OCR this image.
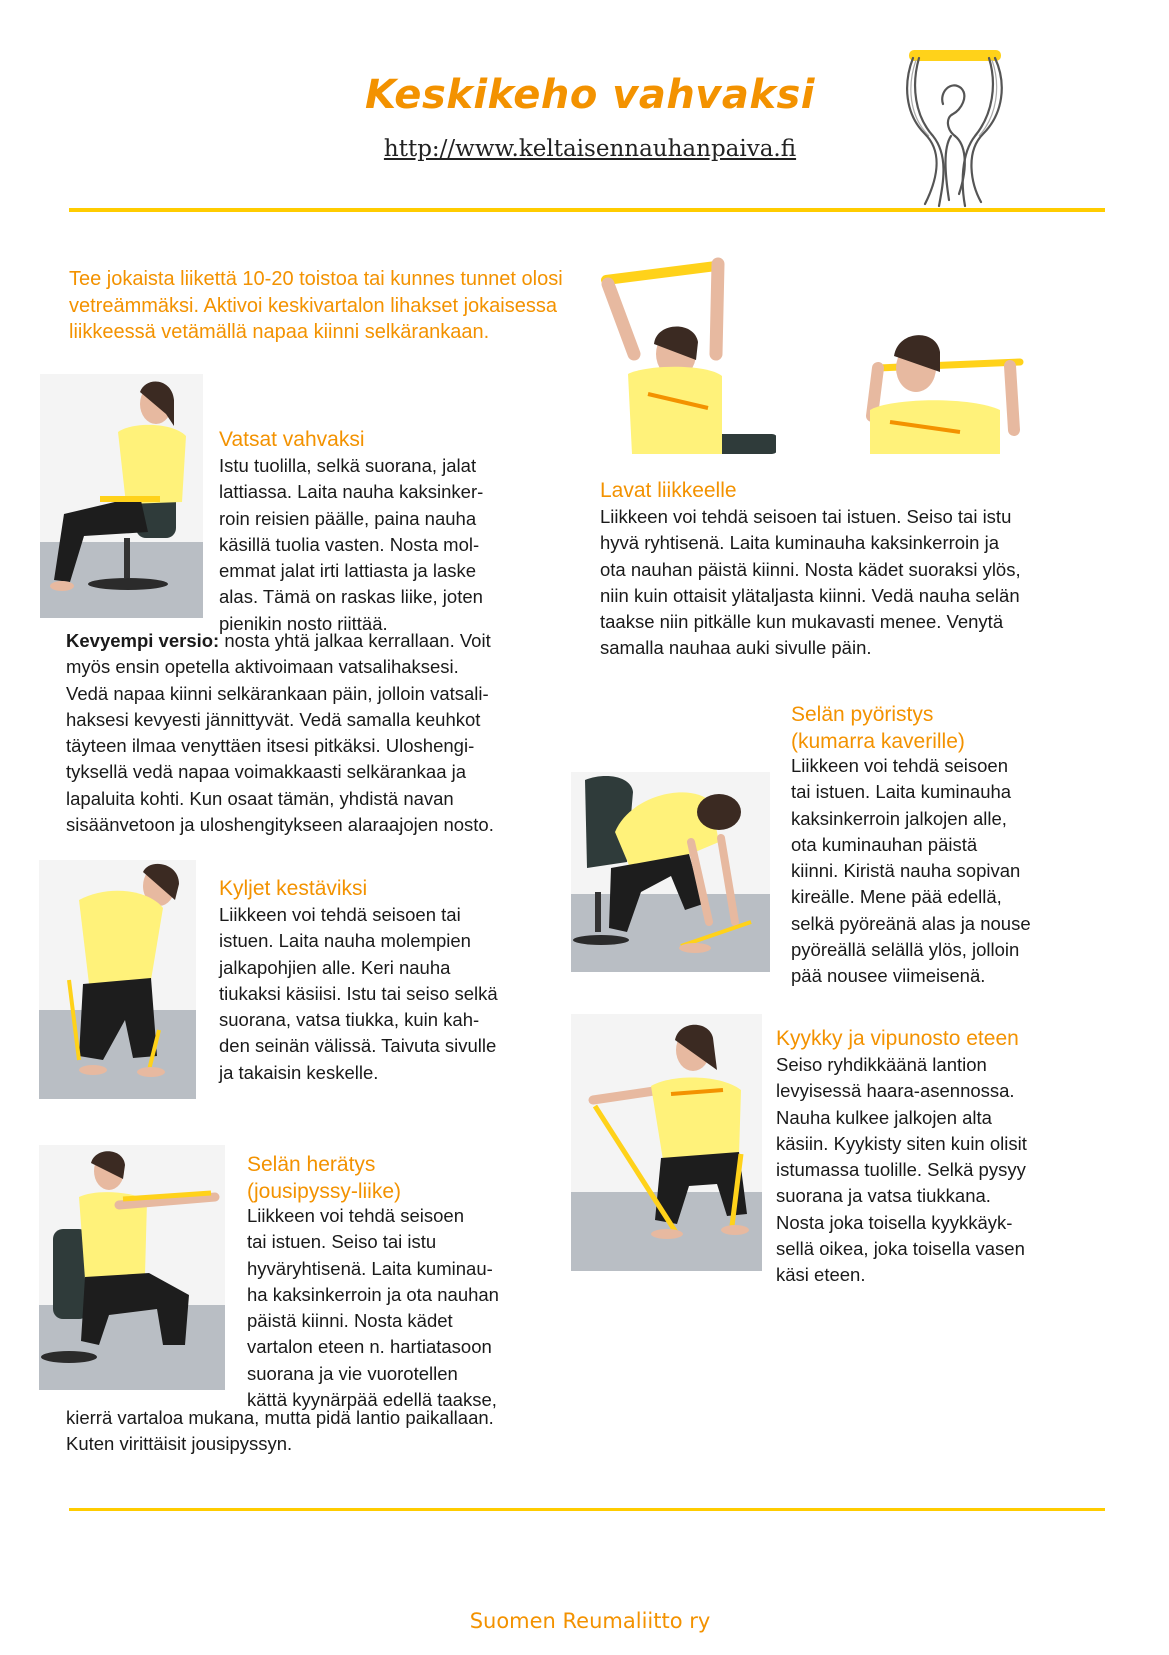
Keskikeho vahvaksi
http://www.keltaisennauhanpaiva.fi
Tee jokaista liikettä 10-20 toistoa tai kunnes tunnet olosi vetreämmäksi. Aktivoi keskivartalon lihakset jokaisessa liikkeessä vetämällä napaa kiinni selkärankaan.
Vatsat vahvaksi
Istu tuolilla, selkä suorana, jalat
lattiassa. Laita nauha kaksinker-
roin reisien päälle, paina nauha
käsillä tuolia vasten. Nosta mol-
emmat jalat irti lattiasta ja laske
alas. Tämä on raskas liike, joten
pienikin nosto riittää.
Kevyempi versio: nosta yhtä jalkaa kerrallaan. Voit
myös ensin opetella aktivoimaan vatsalihaksesi.
Vedä napaa kiinni selkärankaan päin, jolloin vatsali-
haksesi kevyesti jännittyvät. Vedä samalla keuhkot
täyteen ilmaa venyttäen itsesi pitkäksi. Uloshengi-
tyksellä vedä napaa voimakkaasti selkärankaa ja
lapaluita kohti. Kun osaat tämän, yhdistä navan
sisäänvetoon ja uloshengitykseen alaraajojen nosto.
Kyljet kestäviksi
Liikkeen voi tehdä seisoen tai
istuen. Laita nauha molempien
jalkapohjien alle. Keri nauha
tiukaksi käsiisi. Istu tai seiso selkä
suorana, vatsa tiukka, kuin kah-
den seinän välissä. Taivuta sivulle
ja takaisin keskelle.
Selän herätys
(jousipyssy-liike)
Liikkeen voi tehdä seisoen
tai istuen. Seiso tai istu
hyväryhtisenä. Laita kuminau-
ha kaksinkerroin ja ota nauhan
päistä kiinni. Nosta kädet
vartalon eteen n. hartiatasoon
suorana ja vie vuorotellen
kättä kyynärpää edellä taakse,
kierrä vartaloa mukana, mutta pidä lantio paikallaan.
Kuten virittäisit jousipyssyn.
Lavat liikkeelle
Liikkeen voi tehdä seisoen tai istuen. Seiso tai istu
hyvä ryhtisenä. Laita kuminauha kaksinkerroin ja
ota nauhan päistä kiinni. Nosta kädet suoraksi ylös,
niin kuin ottaisit ylätaljasta kiinni. Vedä nauha selän
taakse niin pitkälle kun mukavasti menee. Venytä
samalla nauhaa auki sivulle päin.
Selän pyöristys
(kumarra kaverille)
Liikkeen voi tehdä seisoen
tai istuen. Laita kuminauha
kaksinkerroin jalkojen alle,
ota kuminauhan päistä
kiinni. Kiristä nauha sopivan
kireälle. Mene pää edellä,
selkä pyöreänä alas ja nouse
pyöreällä selällä ylös, jolloin
pää nousee viimeisenä.
Kyykky ja vipunosto eteen
Seiso ryhdikkäänä lantion
levyisessä haara-asennossa.
Nauha kulkee jalkojen alta
käsiin. Kyykisty siten kuin olisit
istumassa tuolille. Selkä pysyy
suorana ja vatsa tiukkana.
Nosta joka toisella kyykkäyk-
sellä oikea, joka toisella vasen
käsi eteen.
Suomen Reumaliitto ry
